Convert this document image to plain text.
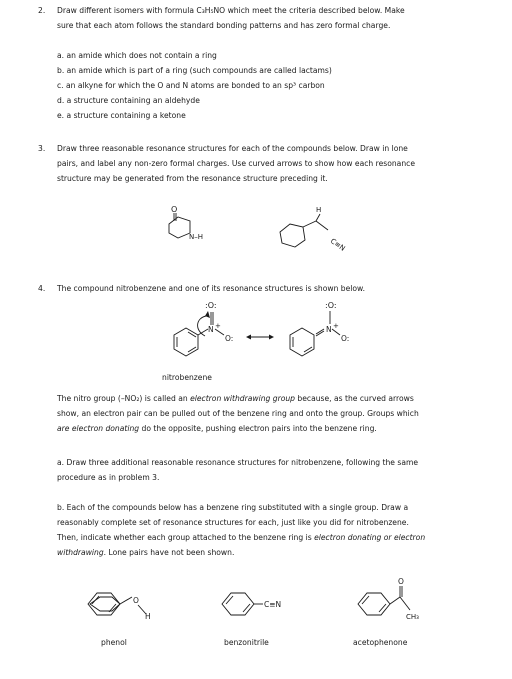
2. Draw different isomers with formula C₃H₅NO which meet the criteria described below. Make
sure that each atom follows the standard bonding patterns and has zero formal charge.
a. an amide which does not contain a ring
b. an amide which is part of a ring (such compounds are called lactams)
c. an alkyne for which the O and N atoms are bonded to an sp³ carbon
d. a structure containing an aldehyde
e. a structure containing a ketone
3. Draw three reasonable resonance structures for each of the compounds below. Draw in lone
pairs, and label any non-zero formal charges. Use curved arrows to show how each resonance
structure may be generated from the resonance structure preceding it.
O
N–H
H
C≡N
:O:
N +
O:
:O:
N +
O:
O
H
C≡N
O
CH₃
4. The compound nitrobenzene and one of its resonance structures is shown below.
nitrobenzene
The nitro group (–NO₂) is called an electron withdrawing group because, as the curved arrows
show, an electron pair can be pulled out of the benzene ring and onto the group. Groups which
are electron donating do the opposite, pushing electron pairs into the benzene ring.
a. Draw three additional reasonable resonance structures for nitrobenzene, following the same
procedure as in problem 3.
b. Each of the compounds below has a benzene ring substituted with a single group. Draw a
reasonably complete set of resonance structures for each, just like you did for nitrobenzene.
Then, indicate whether each group attached to the benzene ring is electron donating or electron
withdrawing. Lone pairs have not been shown.
phenol	benzonitrile	acetophenone
